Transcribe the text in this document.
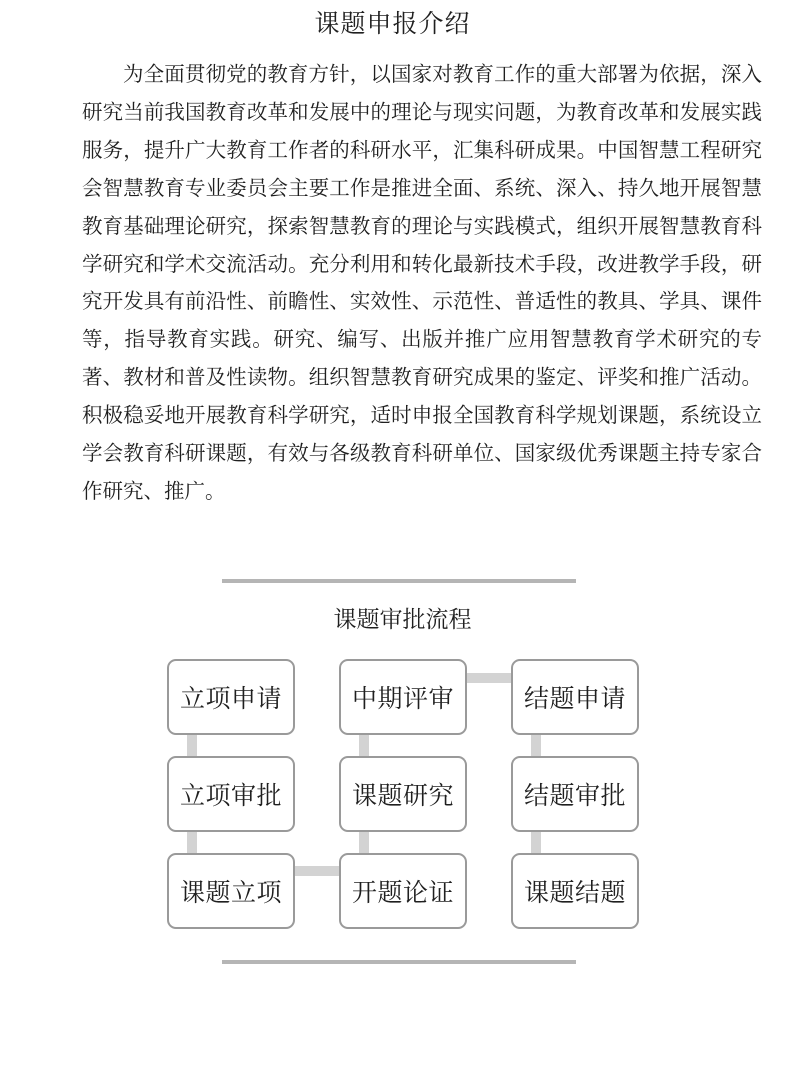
课题申报介绍

为全面贯彻党的教育方针，以国家对教育工作的重大部署为依据，深入研究当前我国教育改革和发展中的理论与现实问题，为教育改革和发展实践服务，提升广大教育工作者的科研水平，汇集科研成果。中国智慧工程研究会智慧教育专业委员会主要工作是推进全面、系统、深入、持久地开展智慧教育基础理论研究，探索智慧教育的理论与实践模式，组织开展智慧教育科学研究和学术交流活动。充分利用和转化最新技术手段，改进教学手段，研究开发具有前沿性、前瞻性、实效性、示范性、普适性的教具、学具、课件等，指导教育实践。研究、编写、出版并推广应用智慧教育学术研究的专著、教材和普及性读物。组织智慧教育研究成果的鉴定、评奖和推广活动。积极稳妥地开展教育科学研究，适时申报全国教育科学规划课题，系统设立学会教育科研课题，有效与各级教育科研单位、国家级优秀课题主持专家合作研究、推广。

课题审批流程
立项申请
立项审批
课题立项
中期评审
课题研究
开题论证
结题申请
结题审批
课题结题
